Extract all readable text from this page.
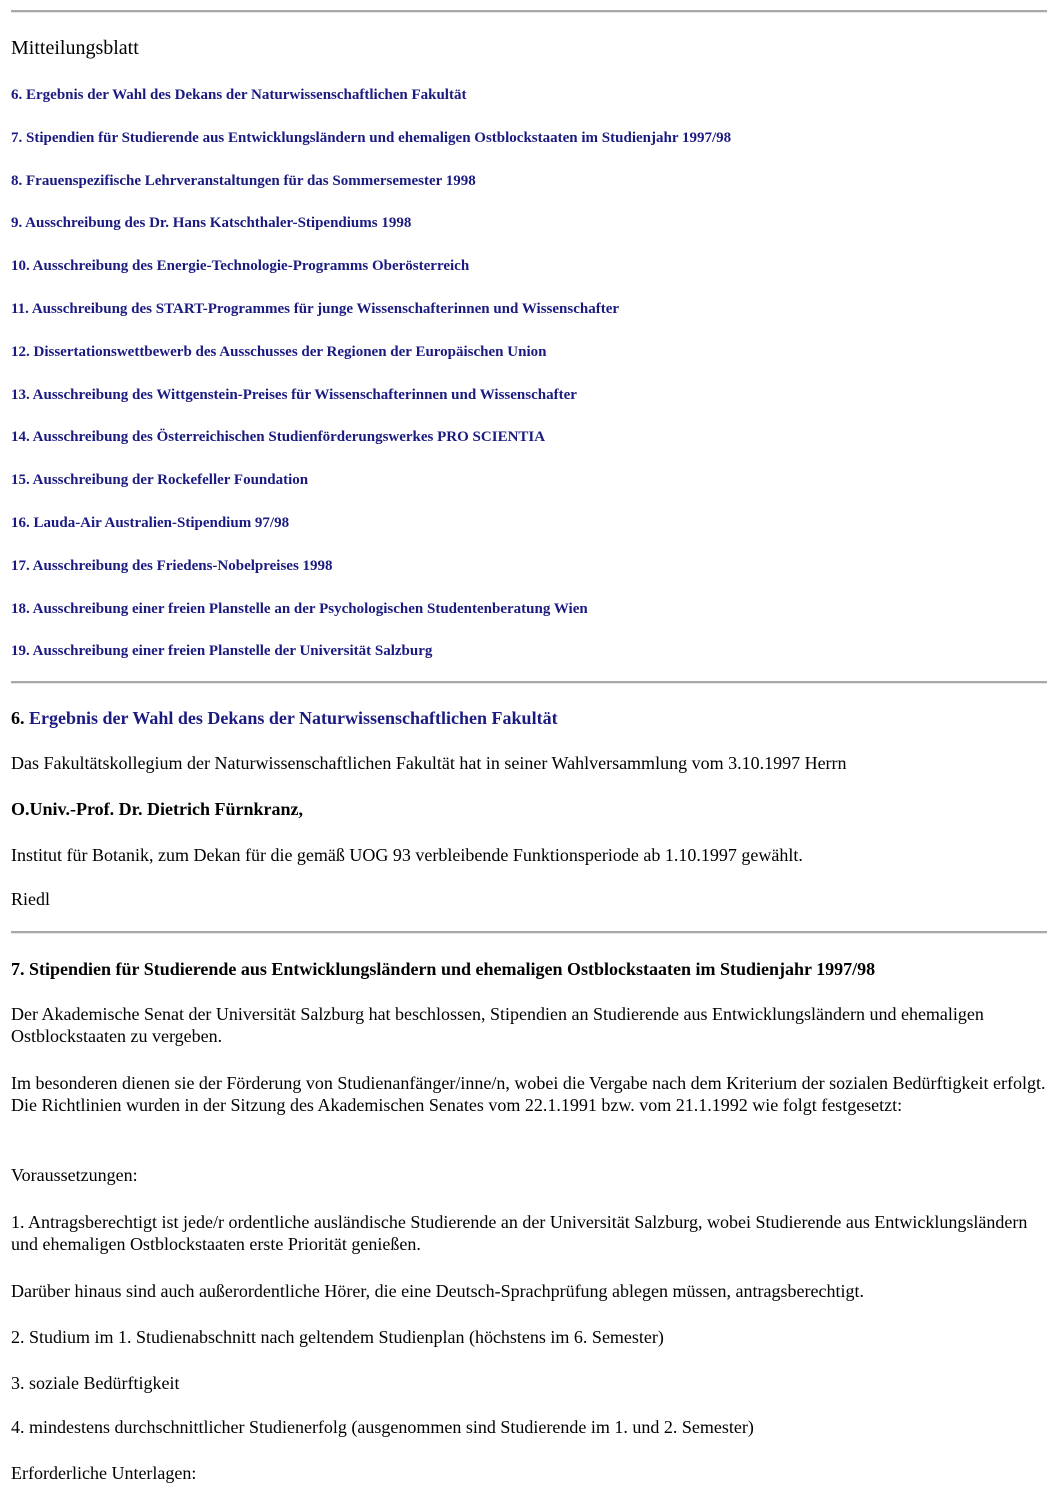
Mitteilungsblatt
6. Ergebnis der Wahl des Dekans der Naturwissenschaftlichen Fakultät
7. Stipendien für Studierende aus Entwicklungsländern und ehemaligen Ostblockstaaten im Studienjahr 1997/98
8. Frauenspezifische Lehrveranstaltungen für das Sommersemester 1998
9. Ausschreibung des Dr. Hans Katschthaler-Stipendiums 1998
10. Ausschreibung des Energie-Technologie-Programms Oberösterreich
11. Ausschreibung des START-Programmes für junge Wissenschafterinnen und Wissenschafter
12. Dissertationswettbewerb des Ausschusses der Regionen der Europäischen Union
13. Ausschreibung des Wittgenstein-Preises für Wissenschafterinnen und Wissenschafter
14. Ausschreibung des Österreichischen Studienförderungswerkes PRO SCIENTIA
15. Ausschreibung der Rockefeller Foundation
16. Lauda-Air Australien-Stipendium 97/98
17. Ausschreibung des Friedens-Nobelpreises 1998
18. Ausschreibung einer freien Planstelle an der Psychologischen Studentenberatung Wien
19. Ausschreibung einer freien Planstelle der Universität Salzburg
6. Ergebnis der Wahl des Dekans der Naturwissenschaftlichen Fakultät
Das Fakultätskollegium der Naturwissenschaftlichen Fakultät hat in seiner Wahlversammlung vom 3.10.1997 Herrn
O.Univ.-Prof. Dr. Dietrich Fürnkranz,
Institut für Botanik, zum Dekan für die gemäß UOG 93 verbleibende Funktionsperiode ab 1.10.1997 gewählt.
Riedl
7. Stipendien für Studierende aus Entwicklungsländern und ehemaligen Ostblockstaaten im Studienjahr 1997/98
Der Akademische Senat der Universität Salzburg hat beschlossen, Stipendien an Studierende aus Entwicklungsländern und ehemaligen Ostblockstaaten zu vergeben.
Im besonderen dienen sie der Förderung von Studienanfänger/inne/n, wobei die Vergabe nach dem Kriterium der sozialen Bedürftigkeit erfolgt. Die Richtlinien wurden in der Sitzung des Akademischen Senates vom 22.1.1991 bzw. vom 21.1.1992 wie folgt festgesetzt:
Voraussetzungen:
1. Antragsberechtigt ist jede/r ordentliche ausländische Studierende an der Universität Salzburg, wobei Studierende aus Entwicklungsländern und ehemaligen Ostblockstaaten erste Priorität genießen.
Darüber hinaus sind auch außerordentliche Hörer, die eine Deutsch-Sprachprüfung ablegen müssen, antragsberechtigt.
2. Studium im 1. Studienabschnitt nach geltendem Studienplan (höchstens im 6. Semester)
3. soziale Bedürftigkeit
4. mindestens durchschnittlicher Studienerfolg (ausgenommen sind Studierende im 1. und 2. Semester)
Erforderliche Unterlagen:
